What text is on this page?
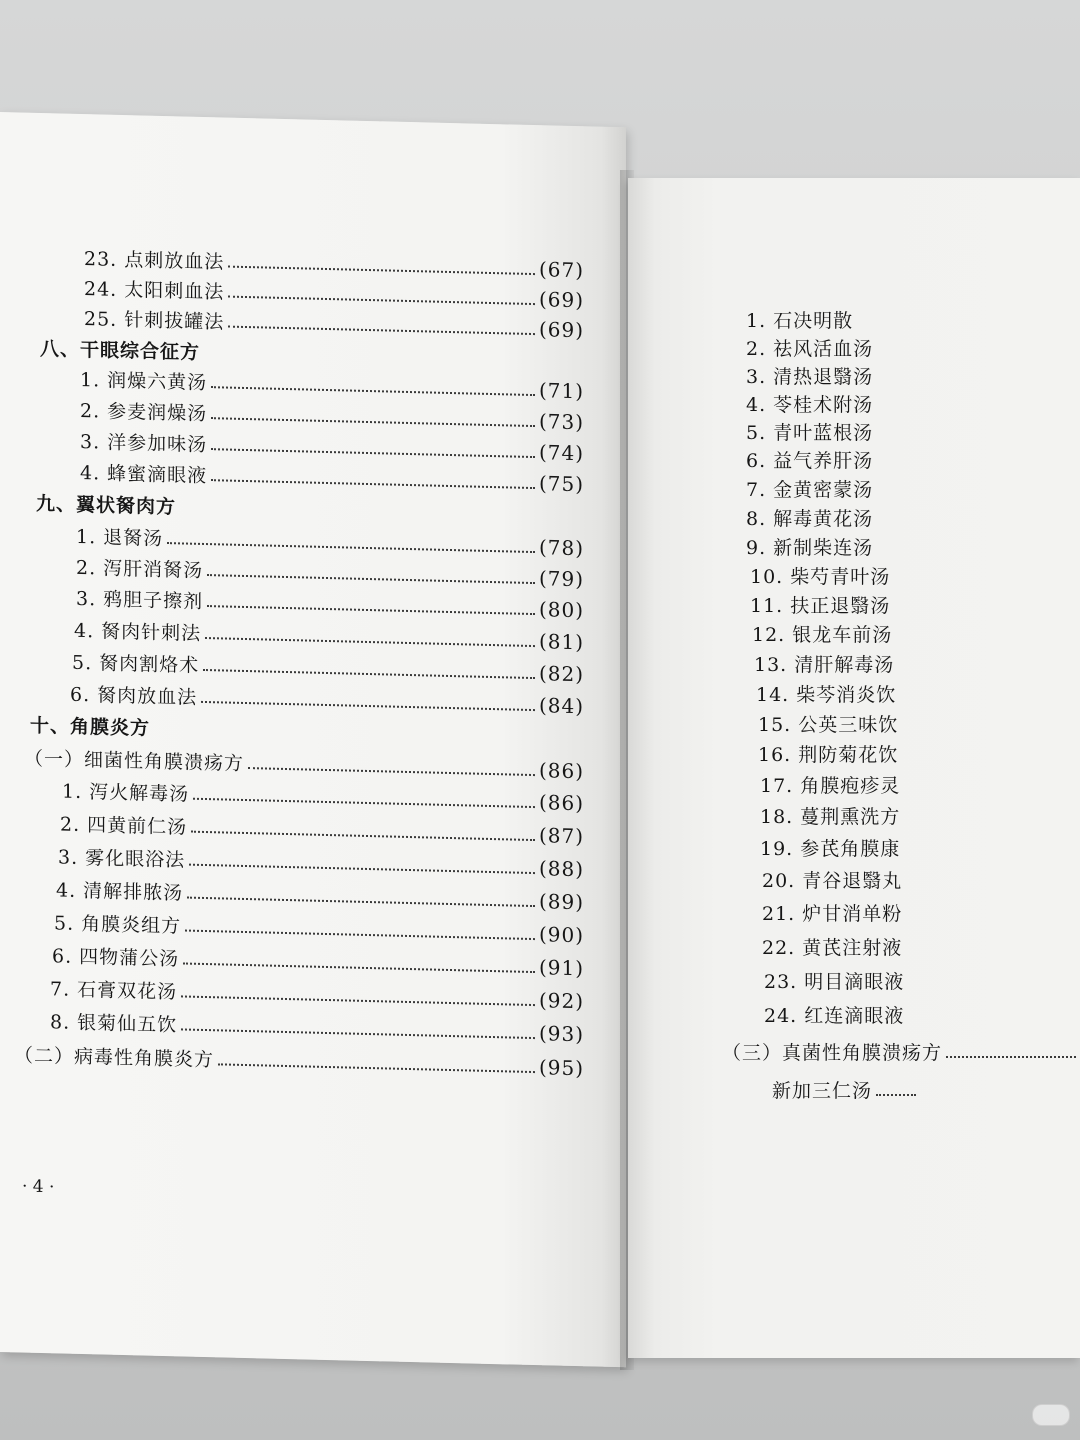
23. 点刺放血法	(67)
24. 太阳刺血法	(69)
25. 针刺拔罐法	(69)
八、干眼综合征方
1. 润燥六黄汤	(71)
2. 参麦润燥汤	(73)
3. 洋参加味汤	(74)
4. 蜂蜜滴眼液	(75)
九、翼状胬肉方
1. 退胬汤	(78)
2. 泻肝消胬汤	(79)
3. 鸦胆子擦剂	(80)
4. 胬肉针刺法	(81)
5. 胬肉割烙术	(82)
6. 胬肉放血法	(84)
十、角膜炎方
（一）细菌性角膜溃疡方	(86)
1. 泻火解毒汤	(86)
2. 四黄前仁汤	(87)
3. 雾化眼浴法	(88)
4. 清解排脓汤	(89)
5. 角膜炎组方	(90)
6. 四物蒲公汤	(91)
7. 石膏双花汤	(92)
8. 银菊仙五饮	(93)
（二）病毒性角膜炎方	(95)
· 4 ·
1. 石决明散
2. 祛风活血汤
3. 清热退翳汤
4. 苓桂术附汤
5. 青叶蓝根汤
6. 益气养肝汤
7. 金黄密蒙汤
8. 解毒黄花汤
9. 新制柴连汤
10. 柴芍青叶汤
11. 扶正退翳汤
12. 银龙车前汤
13. 清肝解毒汤
14. 柴芩消炎饮
15. 公英三味饮
16. 荆防菊花饮
17. 角膜疱疹灵
18. 蔓荆熏洗方
19. 参芪角膜康
20. 青谷退翳丸
21. 炉甘消单粉
22. 黄芪注射液
23. 明目滴眼液
24. 红连滴眼液
（三）真菌性角膜溃疡方
新加三仁汤
